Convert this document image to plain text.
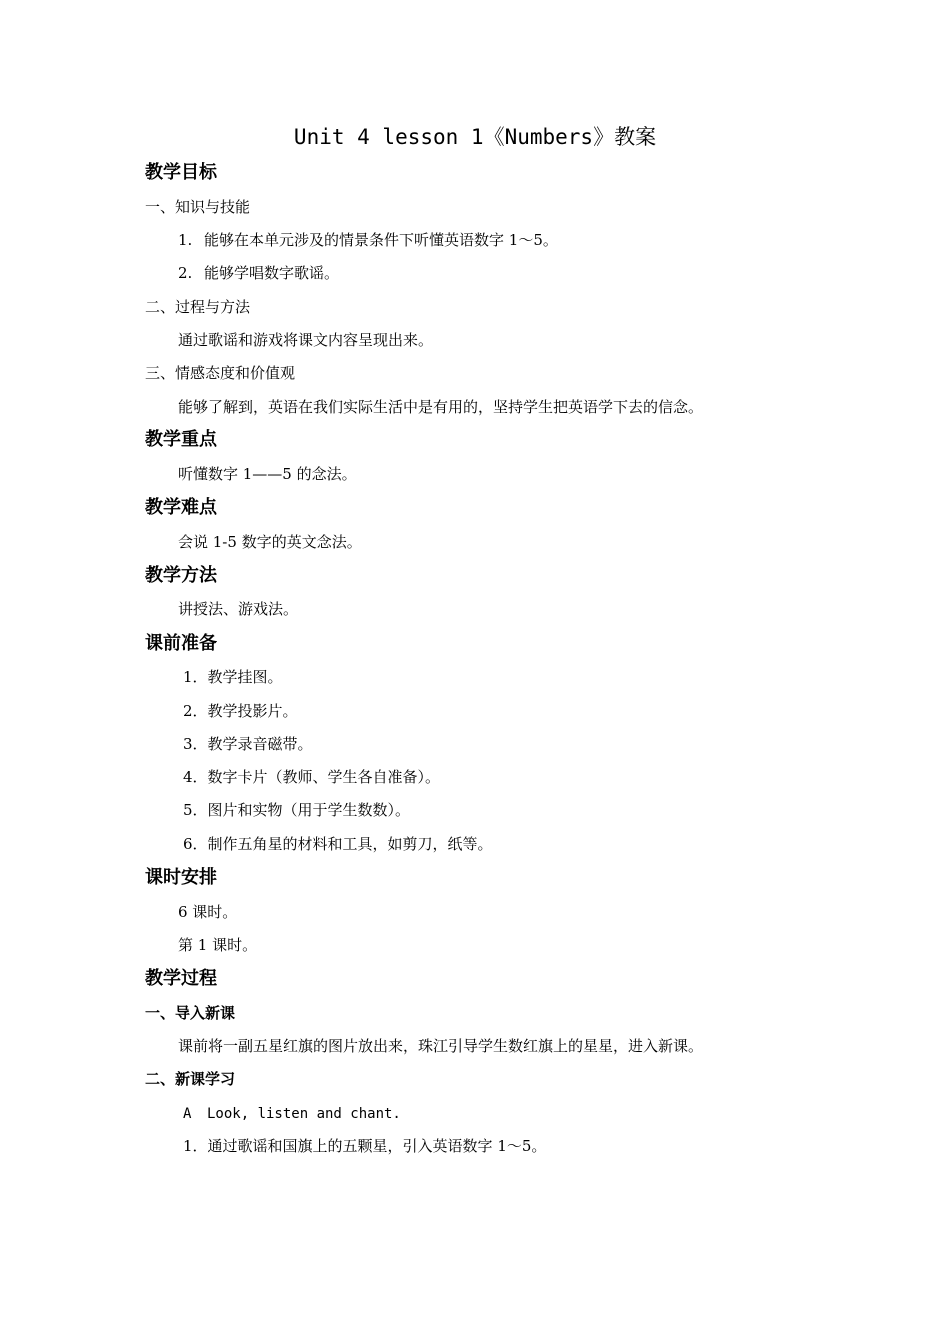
Unit 4 lesson 1《Numbers》教案
教学目标
一、知识与技能
1. 能够在本单元涉及的情景条件下听懂英语数字 1～5。
2. 能够学唱数字歌谣。
二、过程与方法
通过歌谣和游戏将课文内容呈现出来。
三、情感态度和价值观
能够了解到，英语在我们实际生活中是有用的，坚持学生把英语学下去的信念。
教学重点
听懂数字 1——5 的念法。
教学难点
会说 1-5 数字的英文念法。
教学方法
讲授法、游戏法。
课前准备
1．教学挂图。
2．教学投影片。
3．教学录音磁带。
4．数字卡片（教师、学生各自准备）。
5．图片和实物（用于学生数数）。
6．制作五角星的材料和工具，如剪刀，纸等。
课时安排
6 课时。
第 1 课时。
教学过程
一、导入新课
课前将一副五星红旗的图片放出来，珠江引导学生数红旗上的星星，进入新课。
二、新课学习
A Look, listen and chant.
1．通过歌谣和国旗上的五颗星，引入英语数字 1～5。
